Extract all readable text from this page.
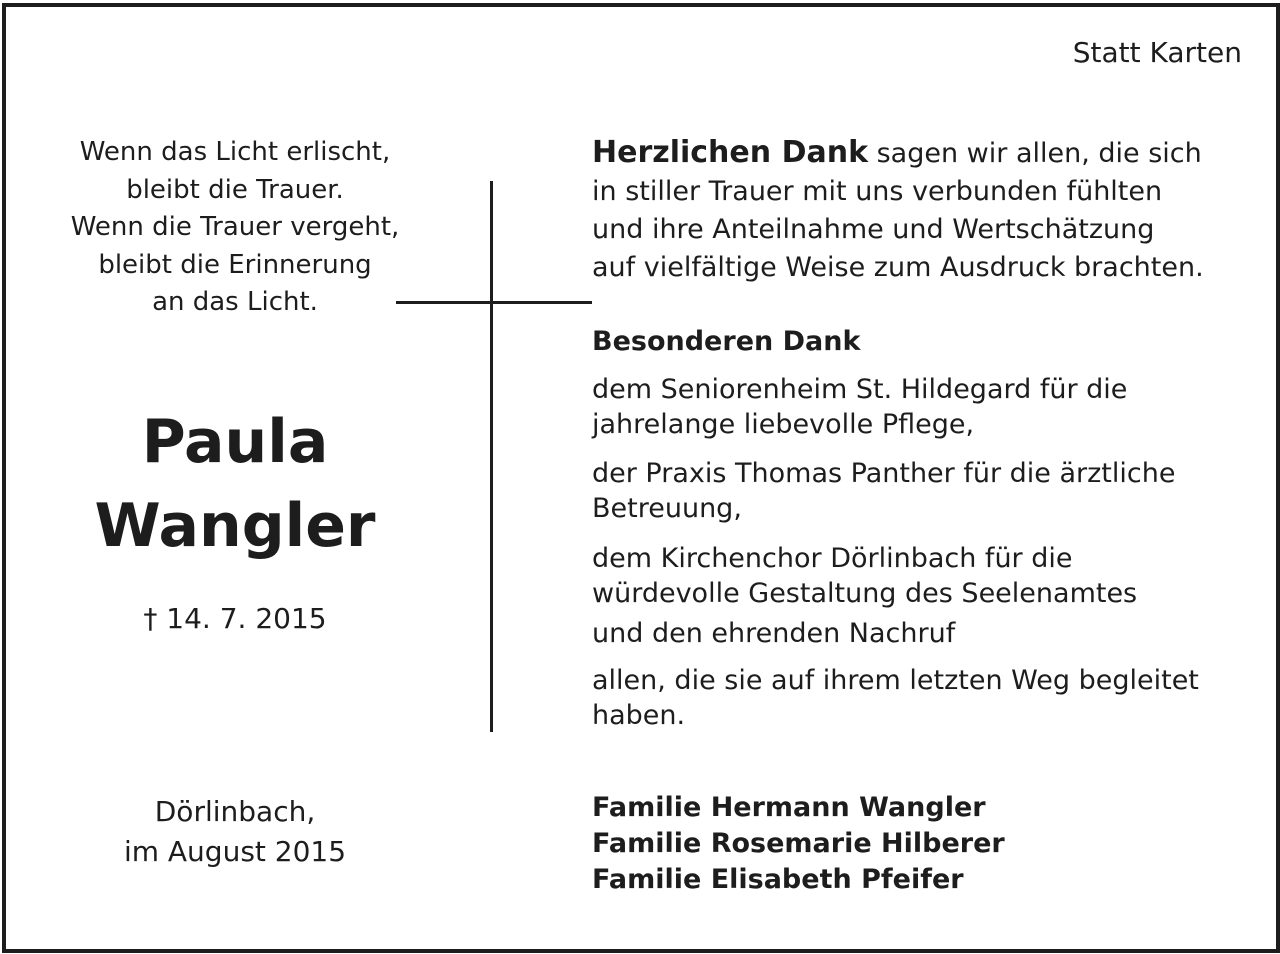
Statt Karten
Wenn das Licht erlischt,
bleibt die Trauer.
Wenn die Trauer vergeht,
bleibt die Erinnerung
an das Licht.
Paula
Wangler
† 14. 7. 2015
Dörlinbach,
im August 2015
Herzlichen Dank sagen wir allen, die sich
in stiller Trauer mit uns verbunden fühlten
und ihre Anteilnahme und Wertschätzung
auf vielfältige Weise zum Ausdruck brachten.
Besonderen Dank
dem Seniorenheim St. Hildegard für die
jahrelange liebevolle Pflege,
der Praxis Thomas Panther für die ärztliche
Betreuung,
dem Kirchenchor Dörlinbach für die
würdevolle Gestaltung des Seelenamtes
und den ehrenden Nachruf
allen, die sie auf ihrem letzten Weg begleitet
haben.
Familie Hermann Wangler
Familie Rosemarie Hilberer
Familie Elisabeth Pfeifer
